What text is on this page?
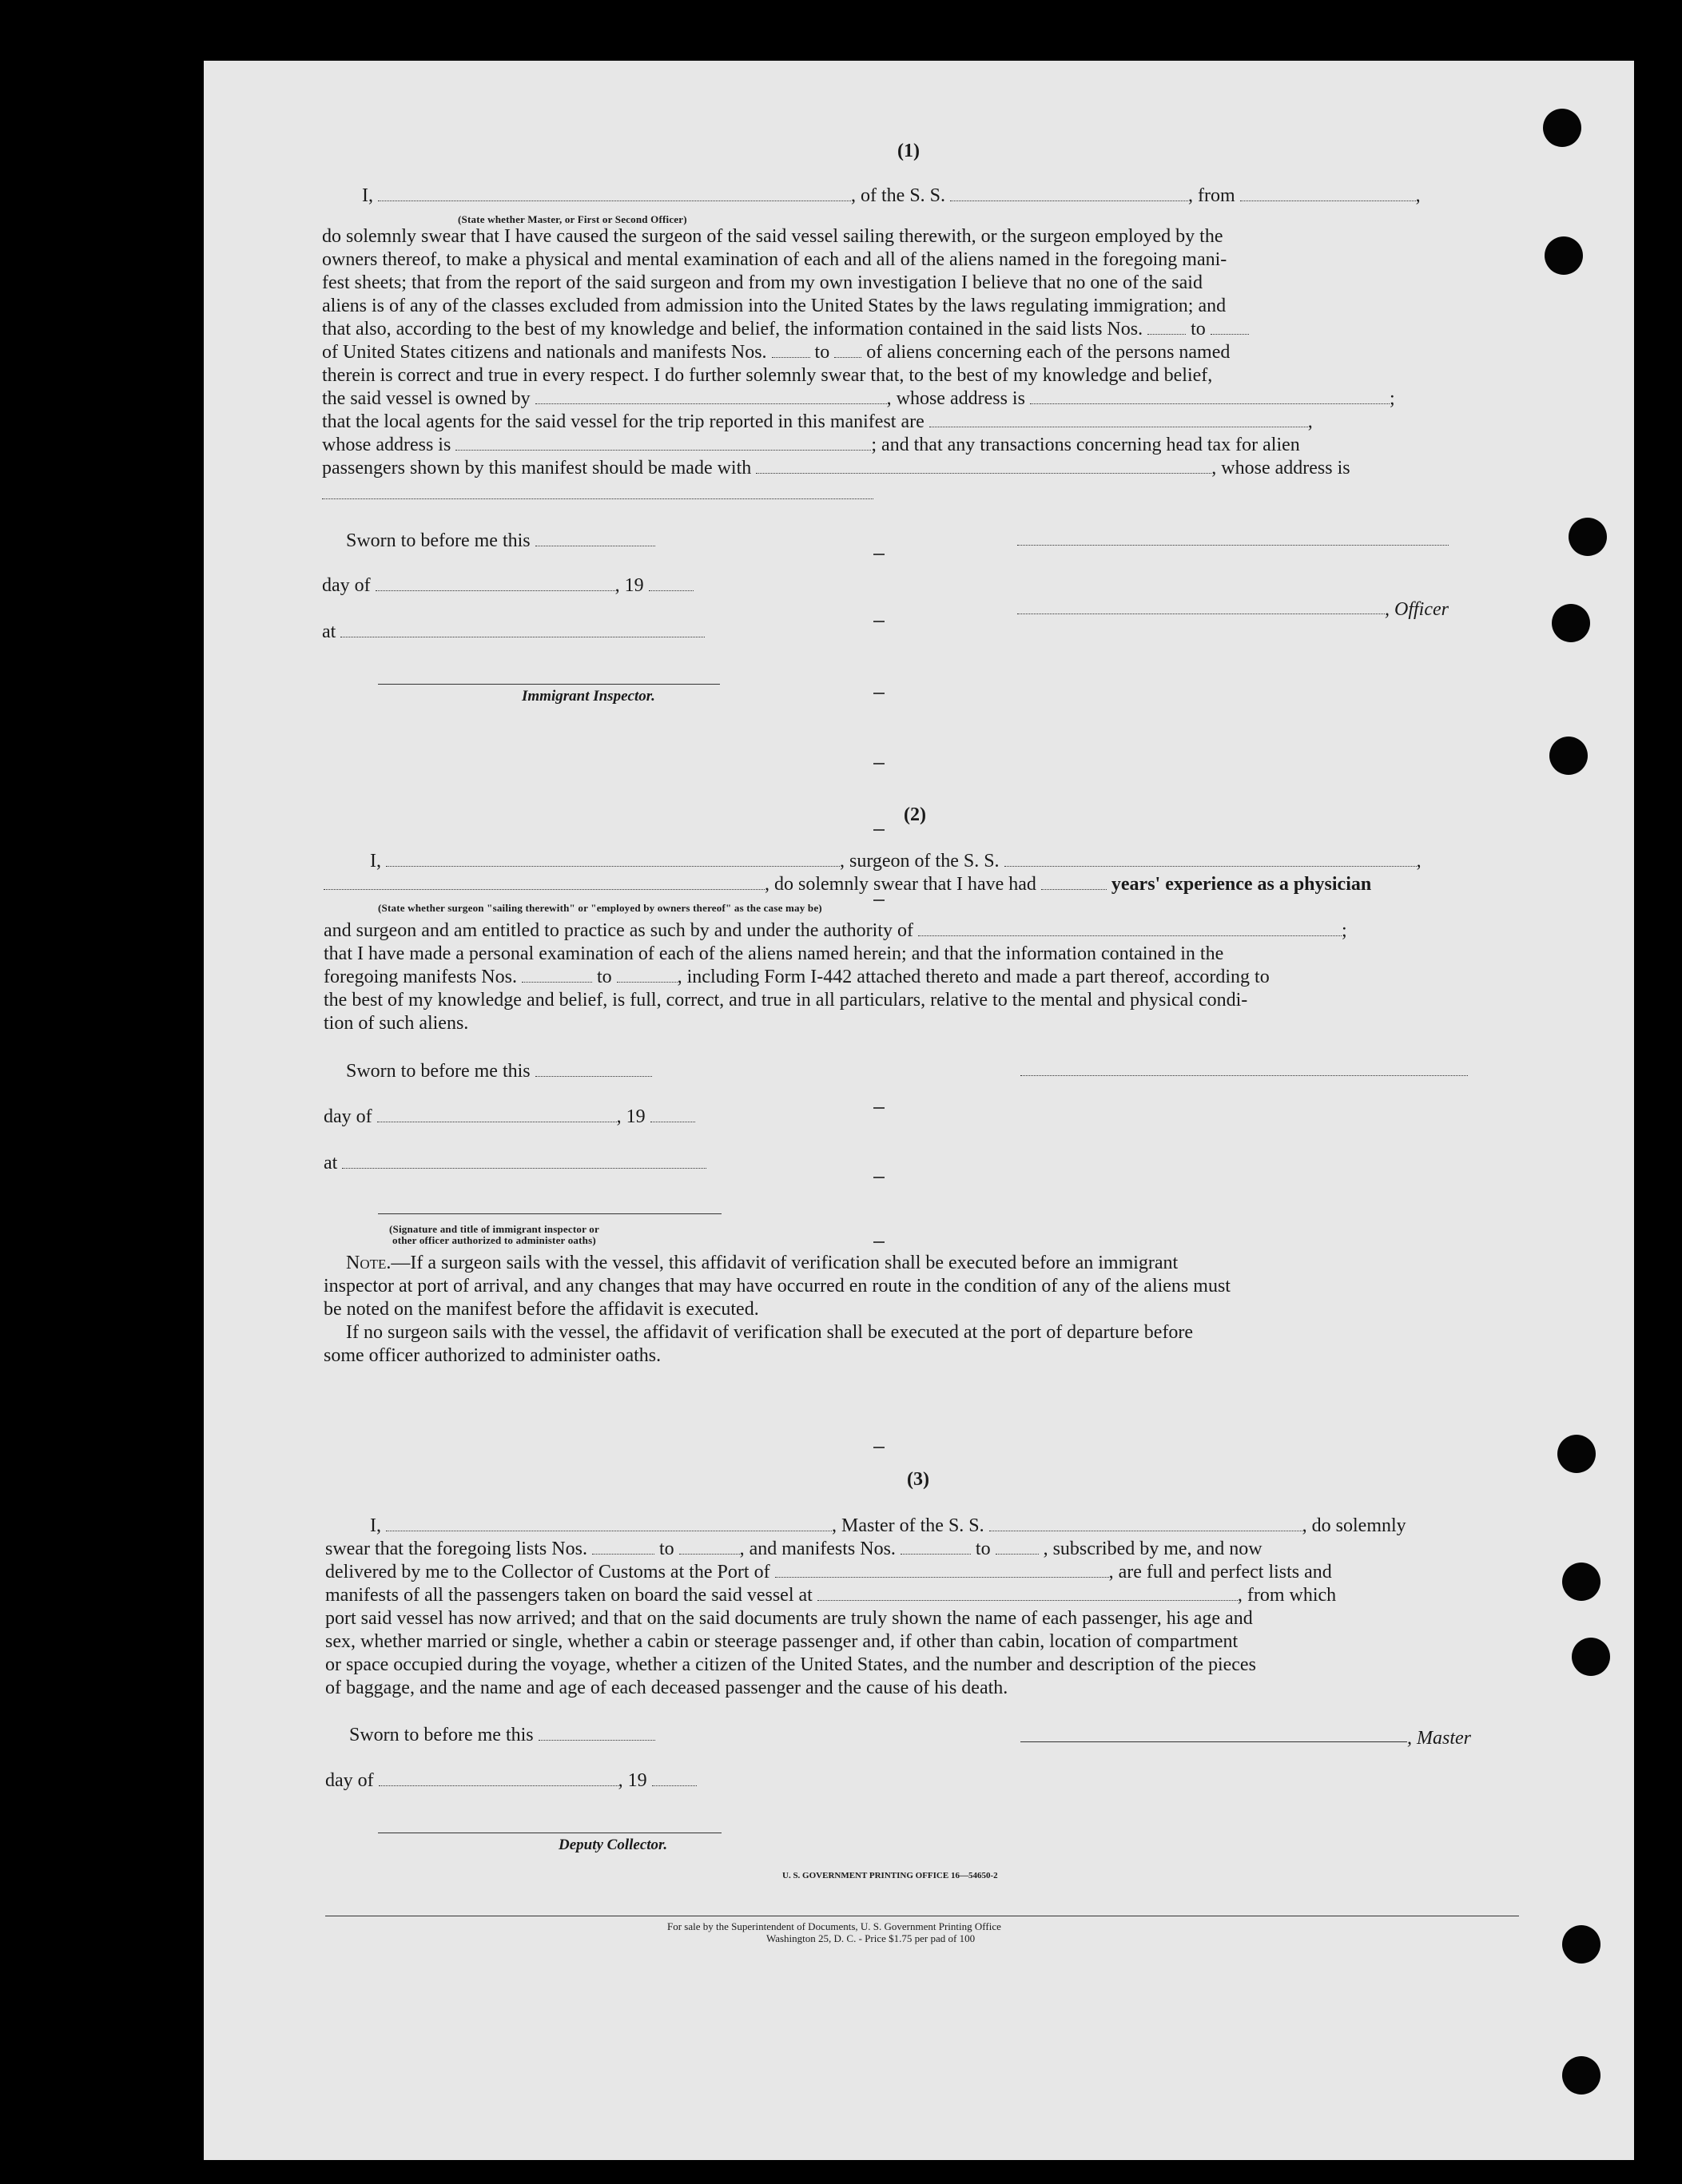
(1)
I,	, of the S. S.	, from	,
(State whether Master, or First or Second Officer)
do solemnly swear that I have caused the surgeon of the said vessel sailing therewith, or the surgeon employed by the
owners thereof, to make a physical and mental examination of each and all of the aliens named in the foregoing mani-
fest sheets; that from the report of the said surgeon and from my own investigation I believe that no one of the said
aliens is of any of the classes excluded from admission into the United States by the laws regulating immigration; and
that also, according to the best of my knowledge and belief, the information contained in the said lists Nos.	to
of United States citizens and nationals and manifests Nos.	to of aliens concerning each of the persons named
therein is correct and true in every respect. I do further solemnly swear that, to the best of my knowledge and belief,
the said vessel is owned by	, whose address is	;
that the local agents for the said vessel for the trip reported in this manifest are	,
whose address is	; and that any transactions concerning head tax for alien
passengers shown by this manifest should be made with	, whose address is
Sworn to before me this
day of	, 19
, Officer
at
Immigrant Inspector.
(2)
I,	, surgeon of the S. S.	,
, do solemnly swear that I have had	years' experience as a physician
(State whether surgeon "sailing therewith" or "employed by owners thereof" as the case may be)
and surgeon and am entitled to practice as such by and under the authority of	;
that I have made a personal examination of each of the aliens named herein; and that the information contained in the
foregoing manifests Nos.	to	, including Form I-442 attached thereto and made a part thereof, according to
the best of my knowledge and belief, is full, correct, and true in all particulars, relative to the mental and physical condi-
tion of such aliens.
Sworn to before me this
day of	, 19
at
(Signature and title of immigrant inspector or
other officer authorized to administer oaths)
Note.—If a surgeon sails with the vessel, this affidavit of verification shall be executed before an immigrant
inspector at port of arrival, and any changes that may have occurred en route in the condition of any of the aliens must
be noted on the manifest before the affidavit is executed.
If no surgeon sails with the vessel, the affidavit of verification shall be executed at the port of departure before
some officer authorized to administer oaths.
(3)
I,	, Master of the S. S.	, do solemnly
swear that the foregoing lists Nos.	to	, and manifests Nos.	to	, subscribed by me, and now
delivered by me to the Collector of Customs at the Port of	, are full and perfect lists and
manifests of all the passengers taken on board the said vessel at	, from which
port said vessel has now arrived; and that on the said documents are truly shown the name of each passenger, his age and
sex, whether married or single, whether a cabin or steerage passenger and, if other than cabin, location of compartment
or space occupied during the voyage, whether a citizen of the United States, and the number and description of the pieces
of baggage, and the name and age of each deceased passenger and the cause of his death.
Sworn to before me this	, Master
day of	, 19
Deputy Collector.
U. S. GOVERNMENT PRINTING OFFICE 16—54650-2
For sale by the Superintendent of Documents, U. S. Government Printing Office
Washington 25, D. C. - Price $1.75 per pad of 100
